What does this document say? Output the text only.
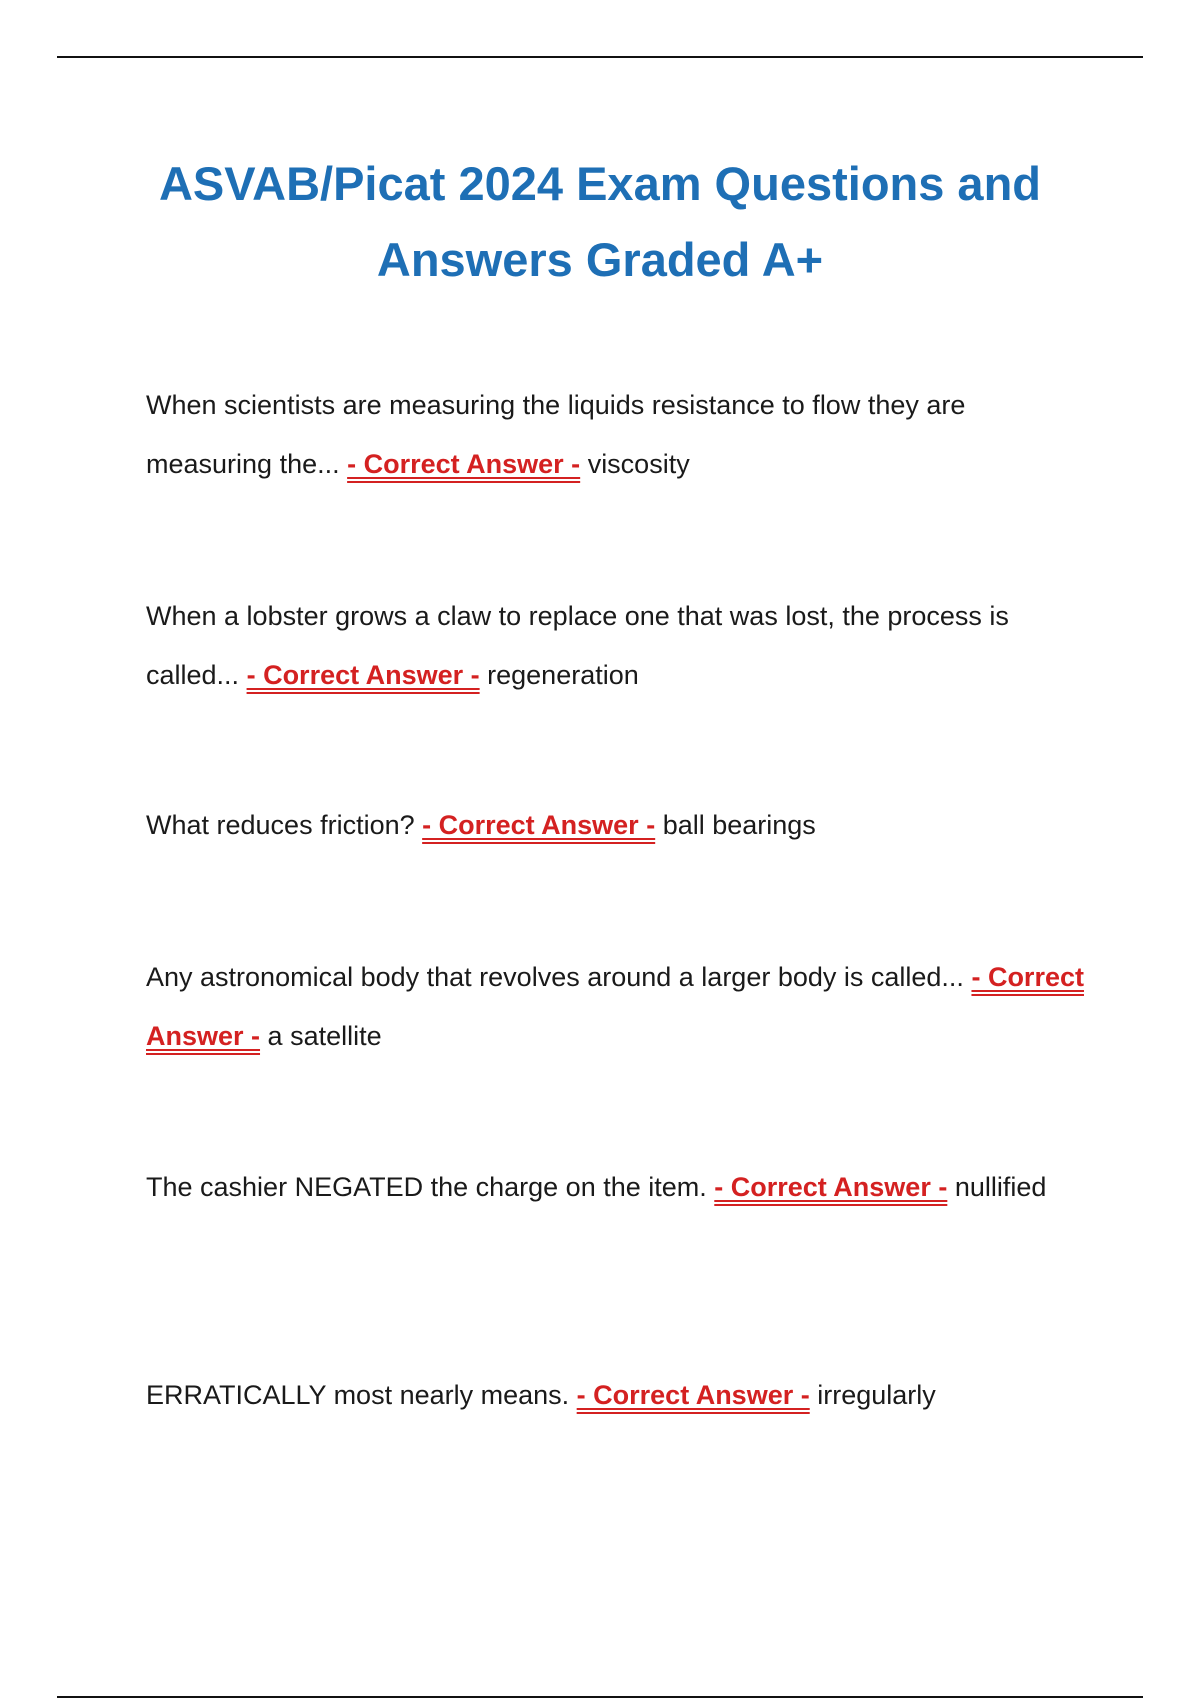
ASVAB/Picat 2024 Exam Questions and Answers Graded A+

When scientists are measuring the liquids resistance to flow they are measuring the... - Correct Answer - viscosity

When a lobster grows a claw to replace one that was lost, the process is called... - Correct Answer - regeneration

What reduces friction? - Correct Answer - ball bearings

Any astronomical body that revolves around a larger body is called... - Correct Answer - a satellite

The cashier NEGATED the charge on the item. - Correct Answer - nullified

ERRATICALLY most nearly means. - Correct Answer - irregularly
